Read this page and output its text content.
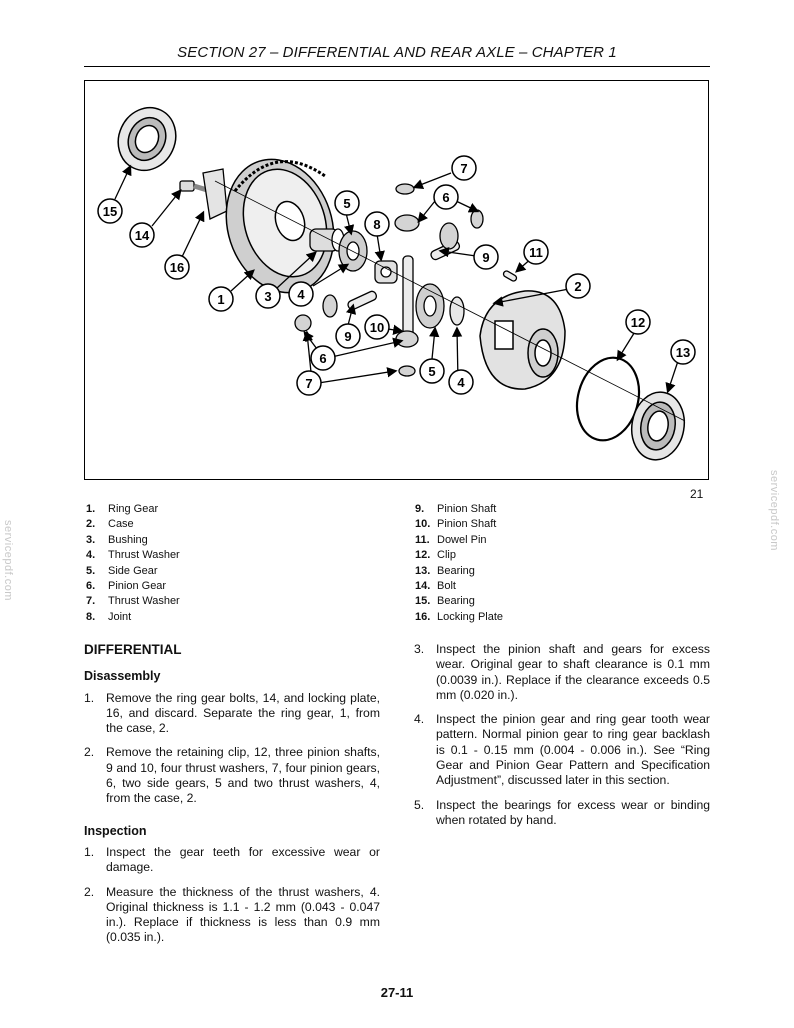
SECTION 27 – DIFFERENTIAL AND REAR AXLE – CHAPTER 1
15
14
16
1	3 4
5
8
7
6
9	11
2
9
10
6
7
5
4
12
13
21
servicepdf.com
servicepdf.com
1.	Ring Gear
2.	Case
3.	Bushing
4.	Thrust Washer
5.	Side Gear
6.	Pinion Gear
7.	Thrust Washer
8.	Joint
9.	Pinion Shaft
10. Pinion Shaft
11. Dowel Pin
12. Clip
13. Bearing
14. Bolt
15. Bearing
16. Locking Plate
DIFFERENTIAL
Disassembly
1. Remove the ring gear bolts, 14, and locking plate, 16, and discard. Separate the ring gear, 1, from the case, 2.
2. Remove the retaining clip, 12, three pinion shafts, 9 and 10, four thrust washers, 7, four pinion gears, 6, two side gears, 5 and two thrust washers, 4, from the case, 2.
Inspection
1. Inspect the gear teeth for excessive wear or damage.
2. Measure the thickness of the thrust washers, 4. Original thickness is 1.1 - 1.2 mm (0.043 - 0.047 in.). Replace if thickness is less than 0.9 mm (0.035 in.).
3. Inspect the pinion shaft and gears for excess wear. Original gear to shaft clearance is 0.1 mm (0.0039 in.). Replace if the clearance exceeds 0.5 mm (0.020 in.).
4. Inspect the pinion gear and ring gear tooth wear pattern. Normal pinion gear to ring gear backlash is 0.1 - 0.15 mm (0.004 - 0.006 in.). See “Ring Gear and Pinion Gear Pattern and Specification Adjustment”, discussed later in this section.
5. Inspect the bearings for excess wear or binding when rotated by hand.
27-11
